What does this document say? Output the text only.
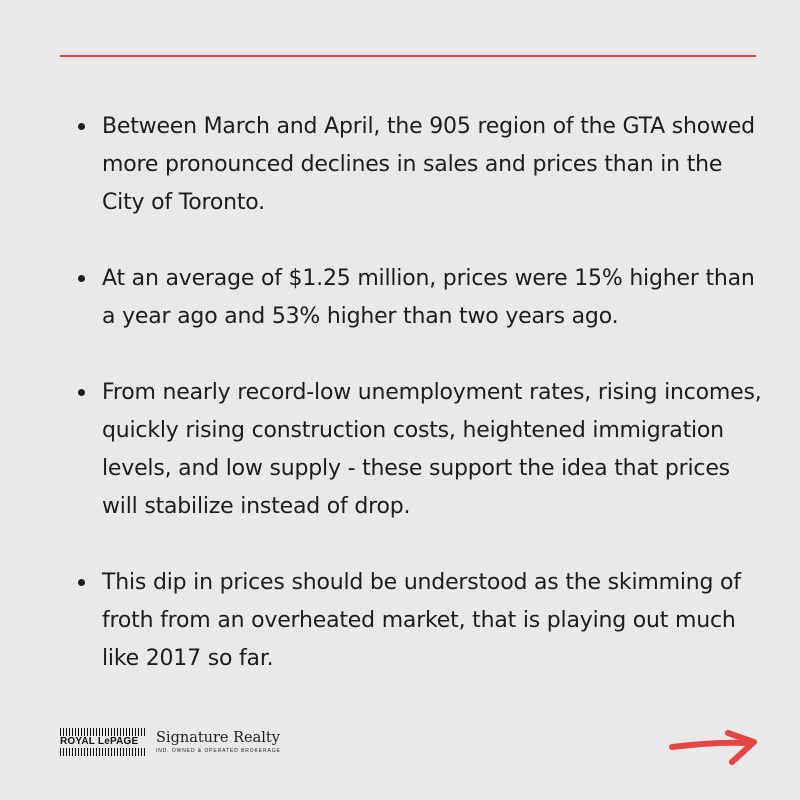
Between March and April, the 905 region of the GTA showed more pronounced declines in sales and prices than in the City of Toronto.
At an average of $1.25 million, prices were 15% higher than a year ago and 53% higher than two years ago.
From nearly record-low unemployment rates, rising incomes, quickly rising construction costs, heightened immigration levels, and low supply - these support the idea that prices will stabilize instead of drop.
This dip in prices should be understood as the skimming of froth from an overheated market, that is playing out much like 2017 so far.
ROYAL LePAGE	Signature Realty
IND. OWNED & OPERATED BROKERAGE
